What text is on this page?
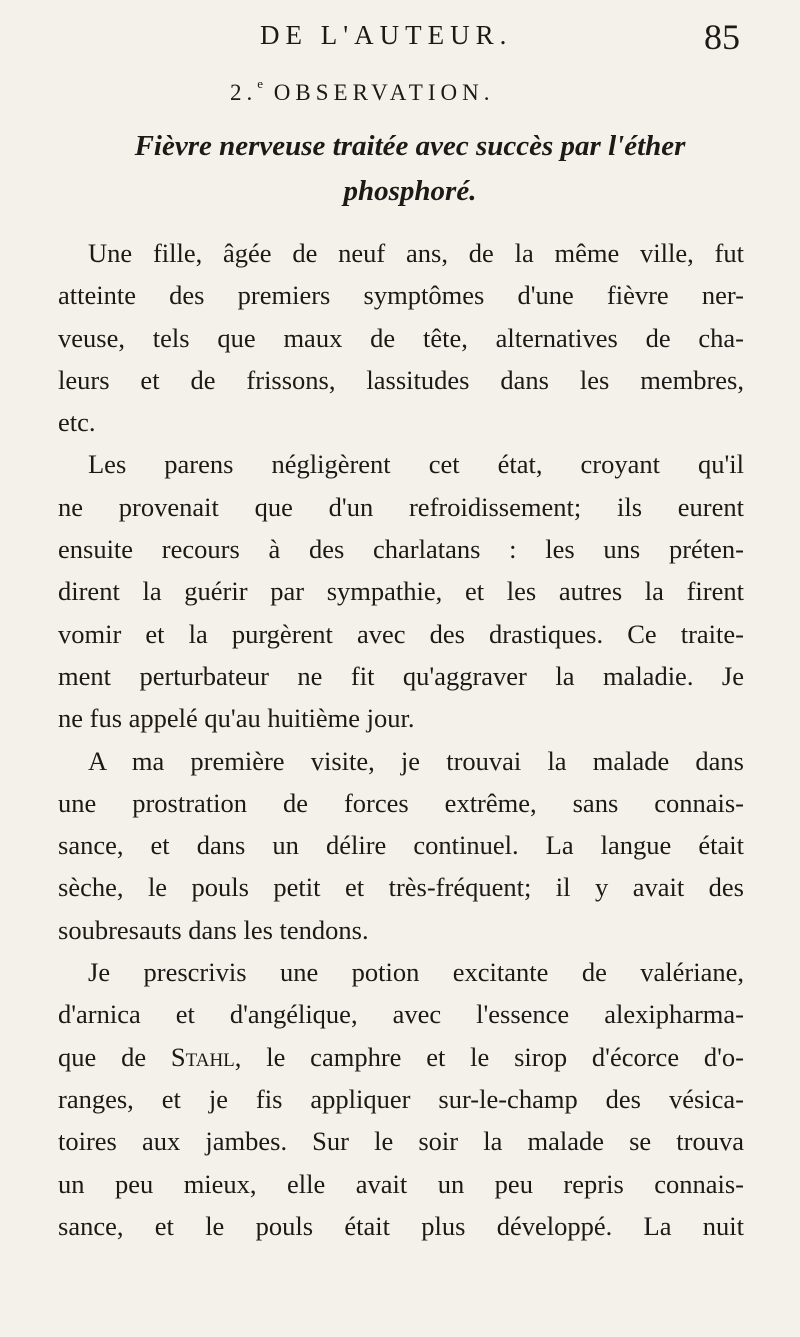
DE L'AUTEUR.	85
2.$^e$ OBSERVATION.
Fièvre nerveuse traitée avec succès par l'éther
phosphoré.
Une fille, âgée de neuf ans, de la même ville, fut
atteinte des premiers symptômes d'une fièvre ner-
veuse, tels que maux de tête, alternatives de cha-
leurs et de frissons, lassitudes dans les membres,
etc.
Les parens négligèrent cet état, croyant qu'il
ne provenait que d'un refroidissement; ils eurent
ensuite recours à des charlatans : les uns préten-
dirent la guérir par sympathie, et les autres la firent
vomir et la purgèrent avec des drastiques. Ce traite-
ment perturbateur ne fit qu'aggraver la maladie. Je
ne fus appelé qu'au huitième jour.
A ma première visite, je trouvai la malade dans
une prostration de forces extrême, sans connais-
sance, et dans un délire continuel. La langue était
sèche, le pouls petit et très-fréquent; il y avait des
soubresauts dans les tendons.
Je prescrivis une potion excitante de valériane,
d'arnica et d'angélique, avec l'essence alexipharma-
que de Stahl, le camphre et le sirop d'écorce d'o-
ranges, et je fis appliquer sur-le-champ des vésica-
toires aux jambes. Sur le soir la malade se trouva
un peu mieux, elle avait un peu repris connais-
sance, et le pouls était plus développé. La nuit
